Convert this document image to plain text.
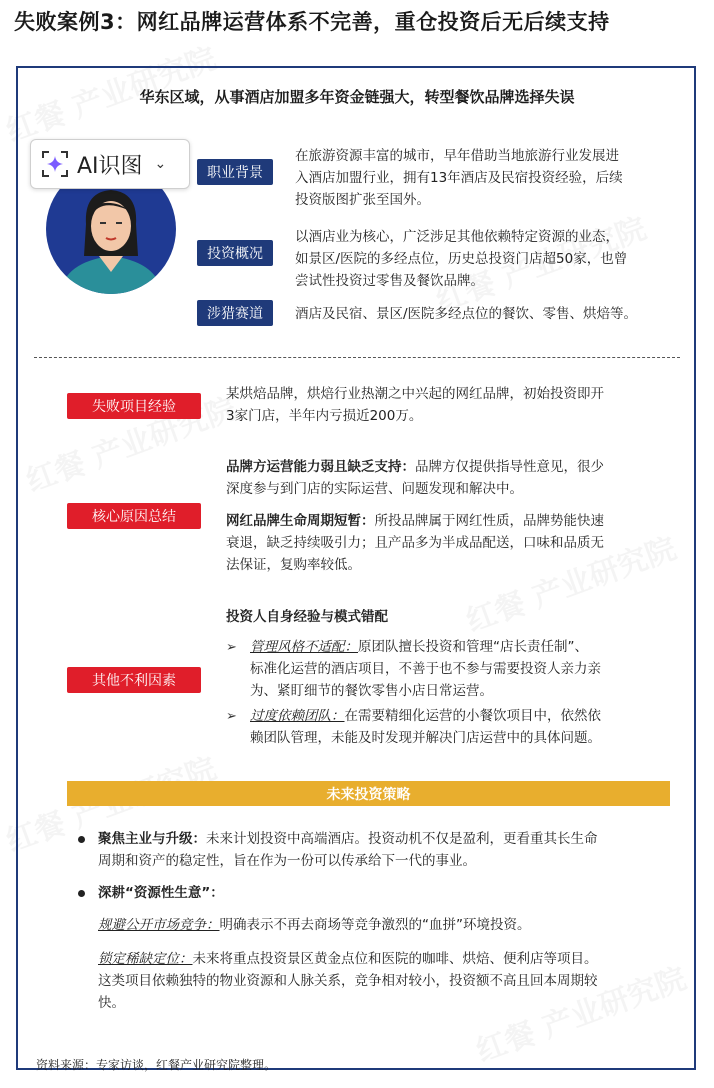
失败案例3：网红品牌运营体系不完善，重仓投资后无后续支持
华东区域，从事酒店加盟多年资金链强大，转型餐饮品牌选择失误
AI识图 ⌄
职业背景
在旅游资源丰富的城市，早年借助当地旅游行业发展进
入酒店加盟行业，拥有13年酒店及民宿投资经验，后续
投资版图扩张至国外。
投资概况
以酒店业为核心，广泛涉足其他依赖特定资源的业态，
如景区/医院的多经点位，历史总投资门店超50家，也曾
尝试性投资过零售及餐饮品牌。
涉猎赛道	酒店及民宿、景区/医院多经点位的餐饮、零售、烘焙等。
失败项目经验
某烘焙品牌，烘焙行业热潮之中兴起的网红品牌，初始投资即开
3家门店，半年内亏损近200万。
核心原因总结
品牌方运营能力弱且缺乏支持：品牌方仅提供指导性意见，很少
深度参与到门店的实际运营、问题发现和解决中。
网红品牌生命周期短暂：所投品牌属于网红性质，品牌势能快速
衰退，缺乏持续吸引力；且产品多为半成品配送，口味和品质无
法保证，复购率较低。
其他不利因素
投资人自身经验与模式错配
➢ 管理风格不适配：原团队擅长投资和管理“店长责任制”、
标准化运营的酒店项目，不善于也不参与需要投资人亲力亲
为、紧盯细节的餐饮零售小店日常运营。
➢ 过度依赖团队：在需要精细化运营的小餐饮项目中，依然依
赖团队管理，未能及时发现并解决门店运营中的具体问题。
未来投资策略
聚焦主业与升级：未来计划投资中高端酒店。投资动机不仅是盈利，更看重其长生命
周期和资产的稳定性，旨在作为一份可以传承给下一代的事业。
深耕“资源性生意”：
规避公开市场竞争：明确表示不再去商场等竞争激烈的“血拼”环境投资。
锁定稀缺定位：未来将重点投资景区黄金点位和医院的咖啡、烘焙、便利店等项目。
这类项目依赖独特的物业资源和人脉关系，竞争相对较小，投资额不高且回本周期较
快。
资料来源：专家访谈，红餐产业研究院整理。
